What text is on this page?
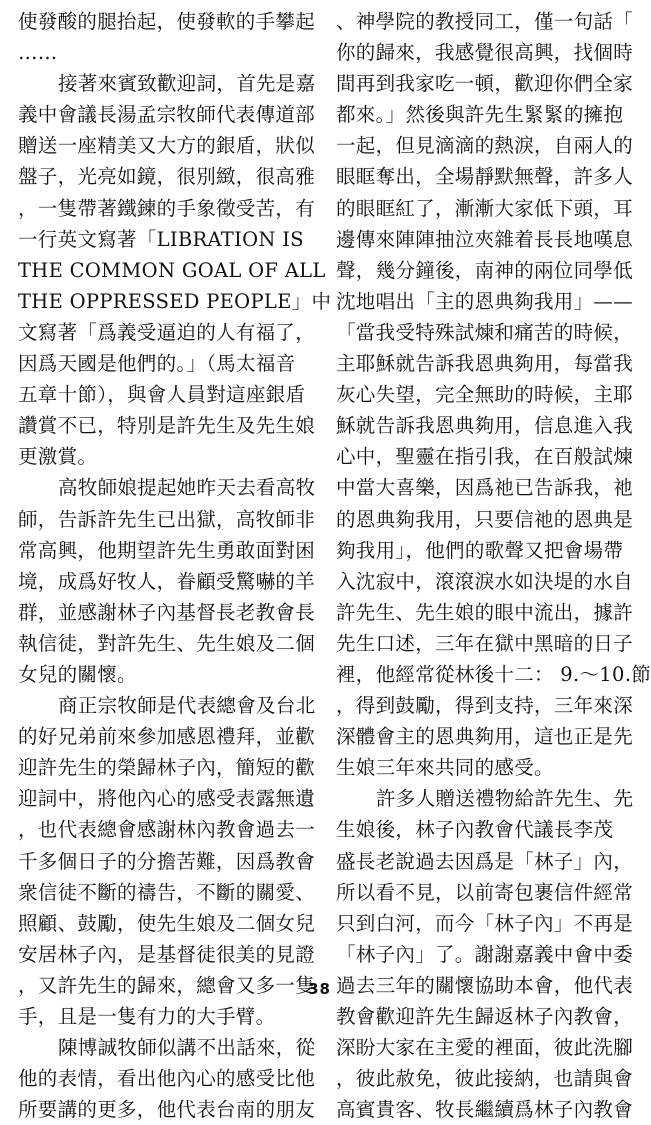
使發酸的腿抬起，使發軟的手攀起
……
接著來賓致歡迎詞，首先是嘉
義中會議長湯孟宗牧師代表傳道部
贈送一座精美又大方的銀盾，狀似
盤子，光亮如鏡，很別緻，很高雅
，一隻帶著鐵鍊的手象徵受苦，有
一行英文寫著「LIBRATION IS
THE COMMON GOAL OF ALL
THE OPPRESSED PEOPLE」中
文寫著「爲義受逼迫的人有福了，
因爲天國是他們的。」（馬太福音
五章十節），與會人員對這座銀盾
讚賞不已，特別是許先生及先生娘
更激賞。
高牧師娘提起她昨天去看高牧
師，告訴許先生已出獄，高牧師非
常高興，他期望許先生勇敢面對困
境，成爲好牧人，眷顧受驚嚇的羊
群，並感謝林子內基督長老教會長
執信徒，對許先生、先生娘及二個
女兒的關懷。
商正宗牧師是代表總會及台北
的好兄弟前來參加感恩禮拜，並歡
迎許先生的榮歸林子內，簡短的歡
迎詞中，將他內心的感受表露無遺
，也代表總會感謝林內教會過去一
千多個日子的分擔苦難，因爲教會
衆信徒不斷的禱告，不斷的關愛、
照顧、鼓勵，使先生娘及二個女兒
安居林子內，是基督徒很美的見證
，又許先生的歸來，總會又多一隻
手，且是一隻有力的大手臂。
陳博誠牧師似講不出話來，從
他的表情，看出他內心的感受比他
所要講的更多，他代表台南的朋友
、神學院的教授同工，僅一句話「
你的歸來，我感覺很高興，找個時
間再到我家吃一頓，歡迎你們全家
都來。」然後與許先生緊緊的擁抱
一起，但見滴滴的熱淚，自兩人的
眼眶奪出，全場靜默無聲，許多人
的眼眶紅了，漸漸大家低下頭，耳
邊傳來陣陣抽泣夾雜着長長地嘆息
聲，幾分鐘後，南神的兩位同學低
沈地唱出「主的恩典夠我用」——
「當我受特殊試煉和痛苦的時候，
主耶穌就告訴我恩典夠用，每當我
灰心失望，完全無助的時候，主耶
穌就告訴我恩典夠用，信息進入我
心中，聖靈在指引我，在百般試煉
中當大喜樂，因爲祂已告訴我，祂
的恩典夠我用，只要信祂的恩典是
夠我用」，他們的歌聲又把會場帶
入沈寂中，滾滾淚水如決堤的水自
許先生、先生娘的眼中流出，據許
先生口述，三年在獄中黑暗的日子
裡，他經常從林後十二： 9.～10.節
，得到鼓勵，得到支持，三年來深
深體會主的恩典夠用，這也正是先
生娘三年來共同的感受。
許多人贈送禮物給許先生、先
生娘後，林子內教會代議長李茂
盛長老說過去因爲是「林子」內，
所以看不見，以前寄包裹信件經常
只到白河，而今「林子內」不再是
「林子內」了。謝謝嘉義中會中委
過去三年的關懷協助本會，他代表
教會歡迎許先生歸返林子內教會，
深盼大家在主愛的裡面，彼此洗腳
，彼此赦免，彼此接納，也請與會
高賓貴客、牧長繼續爲林子內教會
38
